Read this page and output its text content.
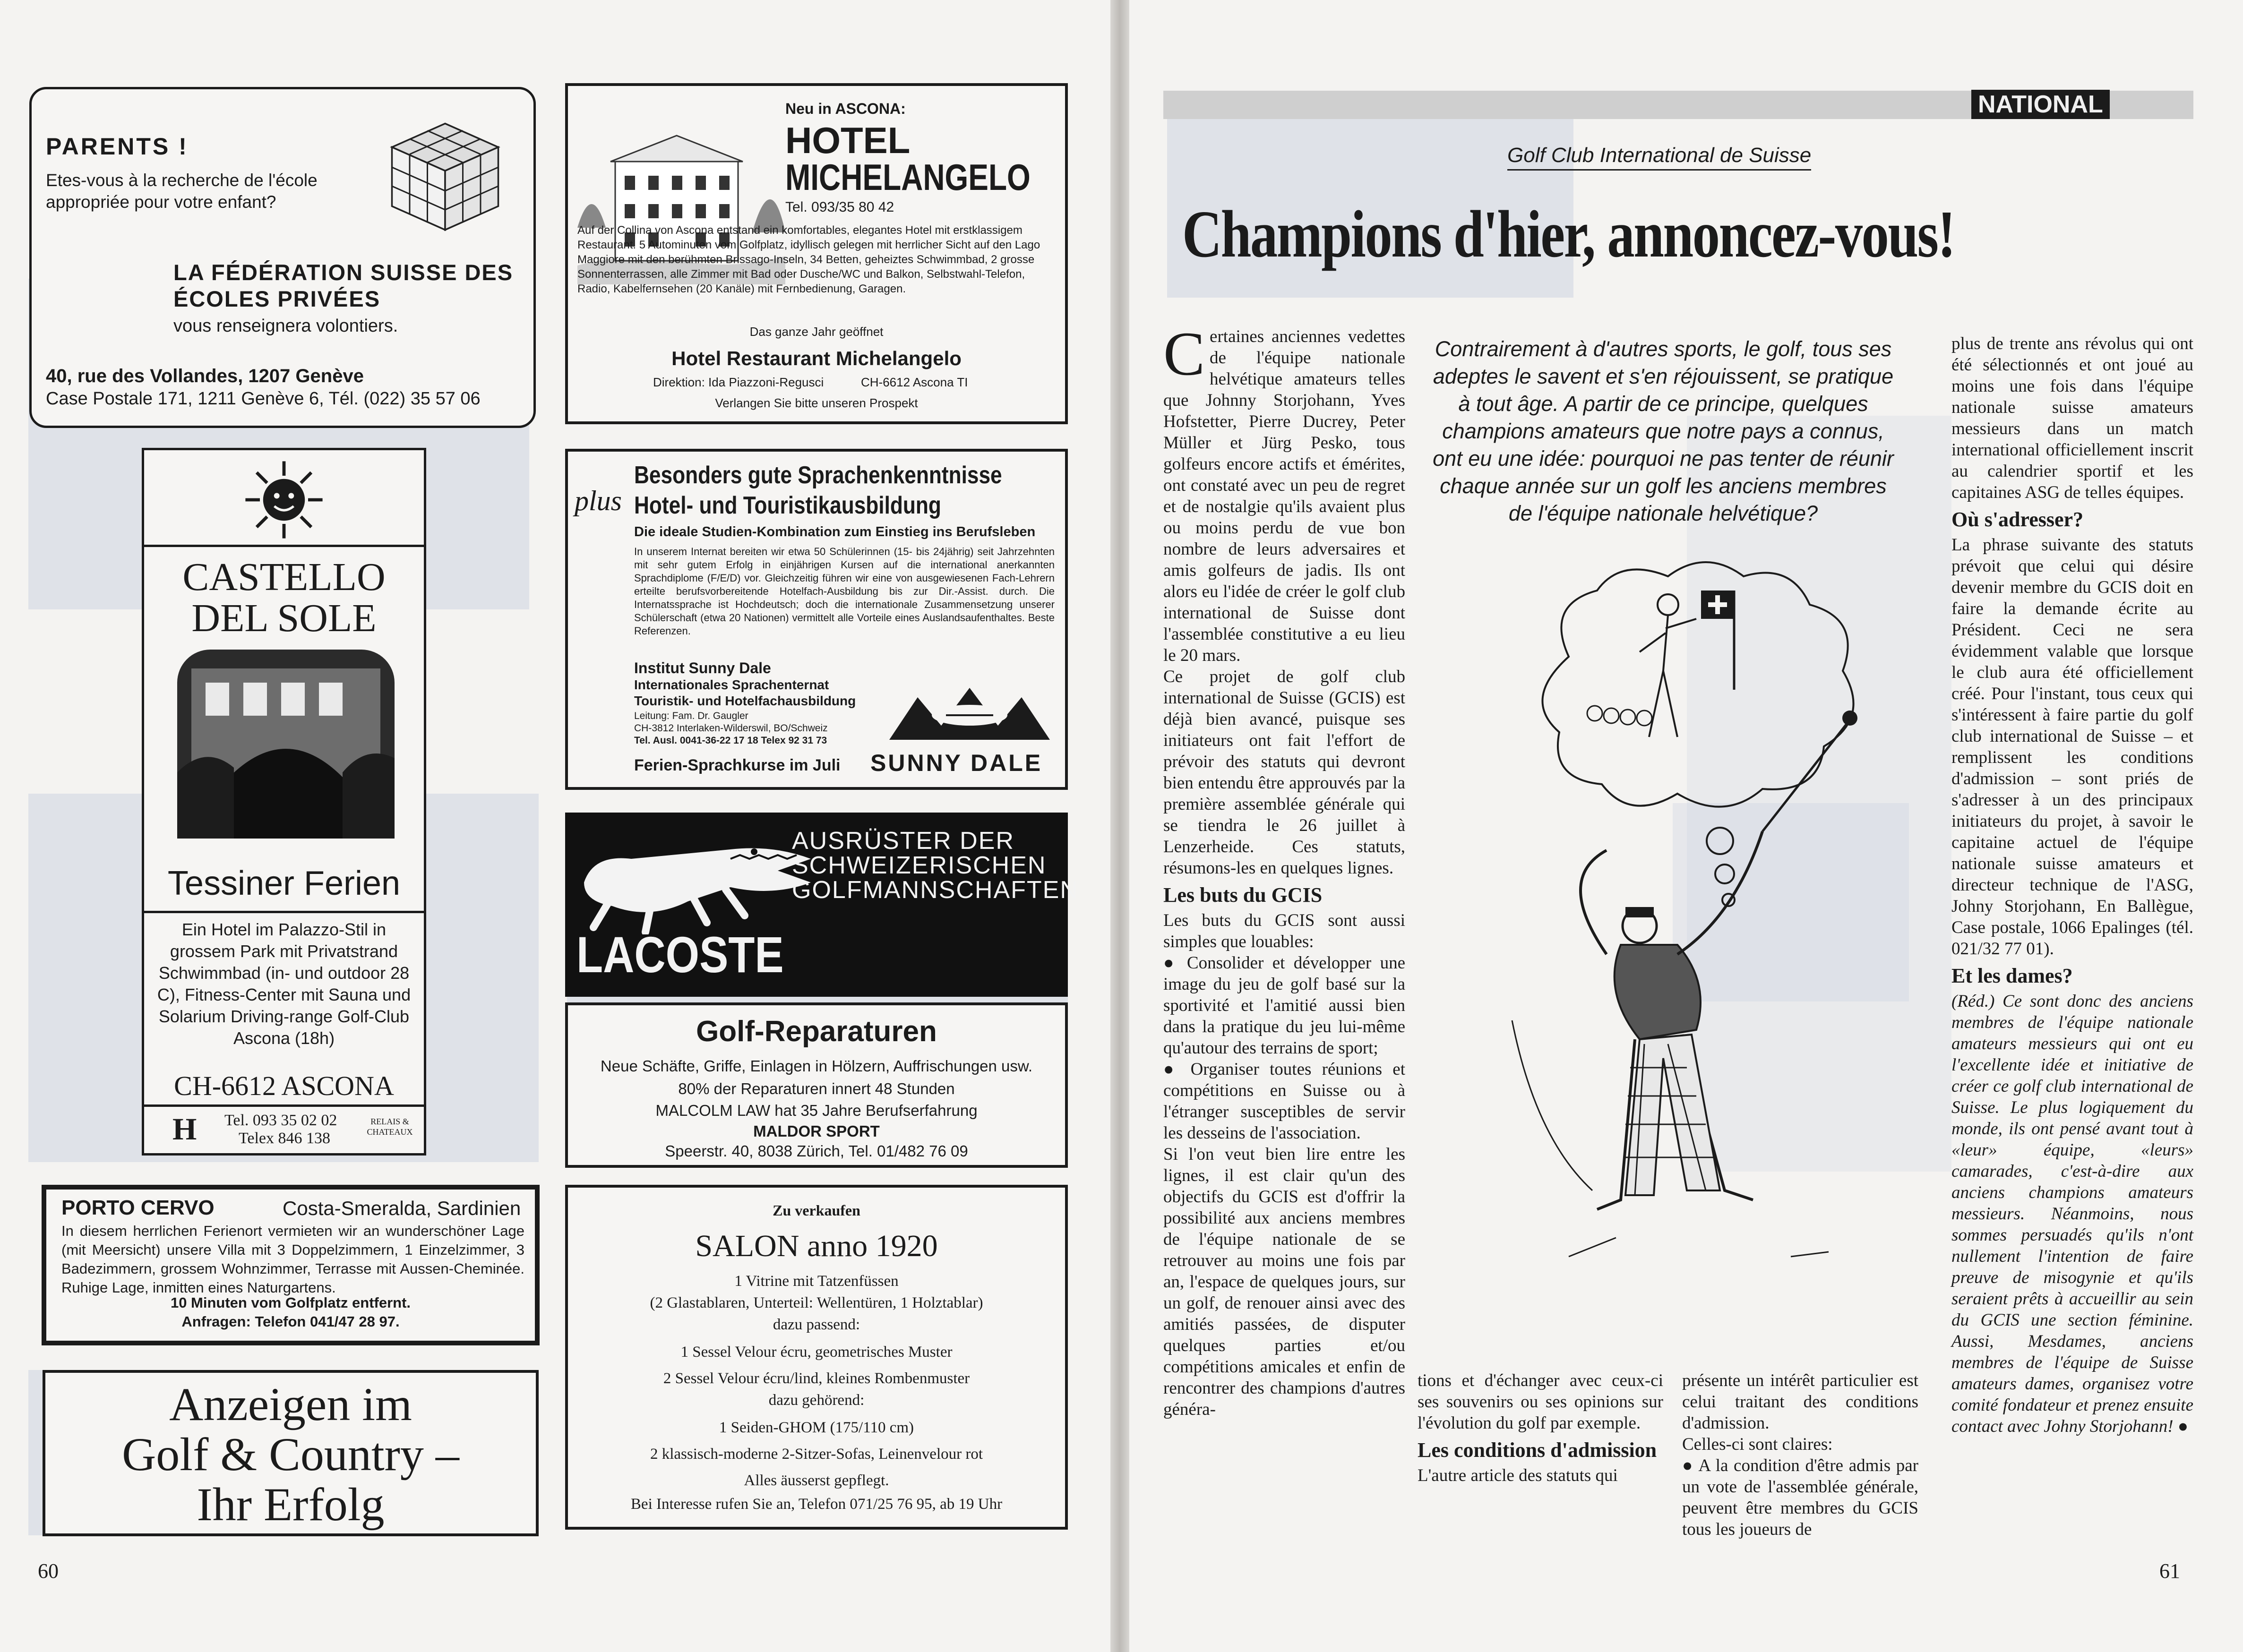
PARENTS !
Etes-vous à la recherche de l'école appropriée pour votre enfant?
LA FÉDÉRATION SUISSE DES ÉCOLES PRIVÉES
vous renseignera volontiers.
40, rue des Vollandes, 1207 Genève
Case Postale 171, 1211 Genève 6, Tél. (022) 35 57 06
CASTELLO
DEL SOLE
Tessiner Ferien
Ein Hotel im Palazzo-Stil in grossem Park mit Privatstrand Schwimmbad (in- und outdoor 28 C), Fitness-Center mit Sauna und Solarium Driving-range Golf-Club Ascona (18h)
CH-6612 ASCONA
H Tel. 093 35 02 02
Telex 846 138
RELAIS & CHATEAUX
PORTO CERVO	Costa-Smeralda, Sardinien
In diesem herrlichen Ferienort vermieten wir an wunderschöner Lage (mit Meersicht) unsere Villa mit 3 Doppelzimmern, 1 Einzelzimmer, 3 Badezimmern, grossem Wohnzimmer, Terrasse mit Aussen-Cheminée. Ruhige Lage, inmitten eines Naturgartens.
10 Minuten vom Golfplatz entfernt.
Anfragen: Telefon 041/47 28 97.
Anzeigen im
Golf & Country –
Ihr Erfolg
Neu in ASCONA:
HOTEL
MICHELANGELO
Tel. 093/35 80 42
Auf der Collina von Ascona entstand ein komfortables, elegantes Hotel mit erstklassigem Restaurant. 5 Autominuten vom Golfplatz, idyllisch gelegen mit herrlicher Sicht auf den Lago Maggiore mit den berühmten Brissago-Inseln, 34 Betten, geheiztes Schwimmbad, 2 grosse Sonnenterrassen, alle Zimmer mit Bad oder Dusche/WC und Balkon, Selbstwahl-Telefon, Radio, Kabelfernsehen (20 Kanäle) mit Fernbedienung, Garagen.
Das ganze Jahr geöffnet
Hotel Restaurant Michelangelo
Direktion: Ida Piazzoni-Regusci	CH-6612 Ascona TI
Verlangen Sie bitte unseren Prospekt
plus
Besonders gute Sprachenkenntnisse
Hotel- und Touristikausbildung
Die ideale Studien-Kombination zum Einstieg ins Berufsleben
In unserem Internat bereiten wir etwa 50 Schülerinnen (15- bis 24jährig) seit Jahrzehnten mit sehr gutem Erfolg in einjährigen Kursen auf die international anerkannten Sprachdiplome (F/E/D) vor. Gleichzeitig führen wir eine von ausgewiesenen Fach-Lehrern erteilte berufsvorbereitende Hotelfach-Ausbildung bis zur Dir.-Assist. durch. Die Internatssprache ist Hochdeutsch; doch die internationale Zusammensetzung unserer Schülerschaft (etwa 20 Nationen) vermittelt alle Vorteile eines Auslandsaufenthaltes. Beste Referenzen.
Institut Sunny Dale
Internationales Sprachenternat
Touristik- und Hotelfachausbildung
Leitung: Fam. Dr. Gaugler
CH-3812 Interlaken-Wilderswil, BO/Schweiz
Tel. Ausl. 0041-36-22 17 18 Telex 92 31 73
Ferien-Sprachkurse im Juli SUNNY DALE
LACOSTE
AUSRÜSTER DER
SCHWEIZERISCHEN
GOLFMANNSCHAFTEN
Golf-Reparaturen
Neue Schäfte, Griffe, Einlagen in Hölzern, Auffrischungen usw.
80% der Reparaturen innert 48 Stunden
MALCOLM LAW hat 35 Jahre Berufserfahrung
MALDOR SPORT
Speerstr. 40, 8038 Zürich, Tel. 01/482 76 09
Zu verkaufen
SALON anno 1920
1 Vitrine mit Tatzenfüssen
(2 Glastablaren, Unterteil: Wellentüren, 1 Holztablar)
dazu passend:
1 Sessel Velour écru, geometrisches Muster
2 Sessel Velour écru/lind, kleines Rombenmuster
dazu gehörend:
1 Seiden-GHOM (175/110 cm)
2 klassisch-moderne 2-Sitzer-Sofas, Leinenvelour rot
Alles äusserst gepflegt.
Bei Interesse rufen Sie an, Telefon 071/25 76 95, ab 19 Uhr
60
NATIONAL
Golf Club International de Suisse
Champions d'hier, annoncez-vous!
Contrairement à d'autres sports, le golf, tous ses adeptes le savent et s'en réjouissent, se pratique à tout âge. A partir de ce principe, quelques champions amateurs que notre pays a connus, ont eu une idée: pourquoi ne pas tenter de réunir chaque année sur un golf les anciens membres de l'équipe nationale helvétique?

Certaines anciennes vedettes de l'équipe nationale helvétique amateurs telles que Johnny Storjohann, Yves Hofstetter, Pierre Ducrey, Peter Müller et Jürg Pesko, tous golfeurs encore actifs et émérites, ont constaté avec un peu de regret et de nostalgie qu'ils avaient plus ou moins perdu de vue bon nombre de leurs adversaires et amis golfeurs de jadis. Ils ont alors eu l'idée de créer le golf club international de Suisse dont l'assemblée constitutive a eu lieu le 20 mars.

Ce projet de golf club international de Suisse (GCIS) est déjà bien avancé, puisque ses initiateurs ont fait l'effort de prévoir des statuts qui devront bien entendu être approuvés par la première assemblée générale qui se tiendra le 26 juillet à Lenzerheide. Ces statuts, résumons-les en quelques lignes.

Les buts du GCIS

Les buts du GCIS sont aussi simples que louables:

● Consolider et développer une image du jeu de golf basé sur la sportivité et l'amitié aussi bien dans la pratique du jeu lui-même qu'autour des terrains de sport;

● Organiser toutes réunions et compétitions en Suisse ou à l'étranger susceptibles de servir les desseins de l'association.

Si l'on veut bien lire entre les lignes, il est clair qu'un des objectifs du GCIS est d'offrir la possibilité aux anciens membres de l'équipe nationale de se retrouver au moins une fois par an, l'espace de quelques jours, sur un golf, de renouer ainsi avec des amitiés passées, de disputer quelques parties et/ou compétitions amicales et enfin de rencontrer des champions d'autres généra-

tions et d'échanger avec ceux-ci ses souvenirs ou ses opinions sur l'évolution du golf par exemple.

Les conditions d'admission

L'autre article des statuts qui

présente un intérêt particulier est celui traitant des conditions d'admission.

Celles-ci sont claires:

● A la condition d'être admis par un vote de l'assemblée générale, peuvent être membres du GCIS tous les joueurs de

plus de trente ans révolus qui ont été sélectionnés et ont joué au moins une fois dans l'équipe nationale suisse amateurs messieurs dans un match international officiellement inscrit au calendrier sportif et les capitaines ASG de telles équipes.

Où s'adresser?

La phrase suivante des statuts prévoit que celui qui désire devenir membre du GCIS doit en faire la demande écrite au Président. Ceci ne sera évidemment valable que lorsque le club aura été officiellement créé. Pour l'instant, tous ceux qui s'intéressent à faire partie du golf club international de Suisse – et remplissent les conditions d'admission – sont priés de s'adresser à un des principaux initiateurs du projet, à savoir le capitaine actuel de l'équipe nationale suisse amateurs et directeur technique de l'ASG, Johny Storjohann, En Ballègue, Case postale, 1066 Epalinges (tél. 021/32 77 01).

Et les dames?

(Réd.) Ce sont donc des anciens membres de l'équipe nationale amateurs messieurs qui ont eu l'excellente idée et initiative de créer ce golf club international de Suisse. Le plus logiquement du monde, ils ont pensé avant tout à «leur» équipe, «leurs» camarades, c'est-à-dire aux anciens champions amateurs messieurs. Néanmoins, nous sommes persuadés qu'ils n'ont nullement l'intention de faire preuve de misogynie et qu'ils seraient prêts à accueillir au sein du GCIS une section féminine. Aussi, Mesdames, anciens membres de l'équipe de Suisse amateurs dames, organisez votre comité fondateur et prenez ensuite contact avec Johny Storjohann! ●

61
